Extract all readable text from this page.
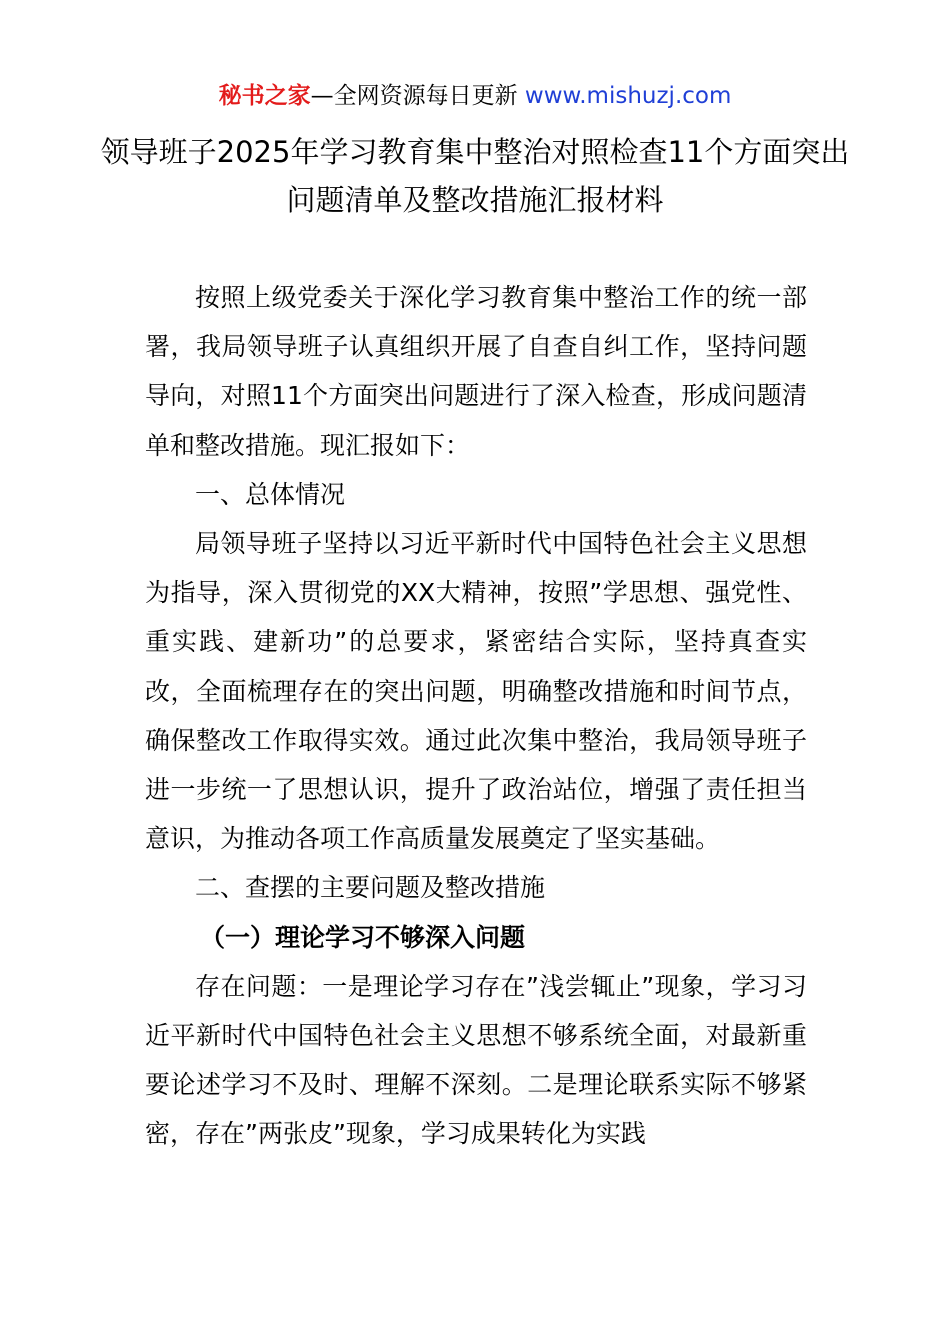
秘书之家—全网资源每日更新 www.mishuzj.com
领导班子2025年学习教育集中整治对照检查11个方面突出问题清单及整改措施汇报材料

按照上级党委关于深化学习教育集中整治工作的统一部署，我局领导班子认真组织开展了自查自纠工作，坚持问题导向，对照11个方面突出问题进行了深入检查，形成问题清单和整改措施。现汇报如下：

一、总体情况

局领导班子坚持以习近平新时代中国特色社会主义思想为指导，深入贯彻党的XX大精神，按照”学思想、强党性、重实践、建新功”的总要求，紧密结合实际，坚持真查实改，全面梳理存在的突出问题，明确整改措施和时间节点，确保整改工作取得实效。通过此次集中整治，我局领导班子进一步统一了思想认识，提升了政治站位，增强了责任担当意识，为推动各项工作高质量发展奠定了坚实基础。

二、查摆的主要问题及整改措施

（一）理论学习不够深入问题

存在问题：一是理论学习存在”浅尝辄止”现象，学习习近平新时代中国特色社会主义思想不够系统全面，对最新重要论述学习不及时、理解不深刻。二是理论联系实际不够紧密，存在”两张皮”现象，学习成果转化为实践
